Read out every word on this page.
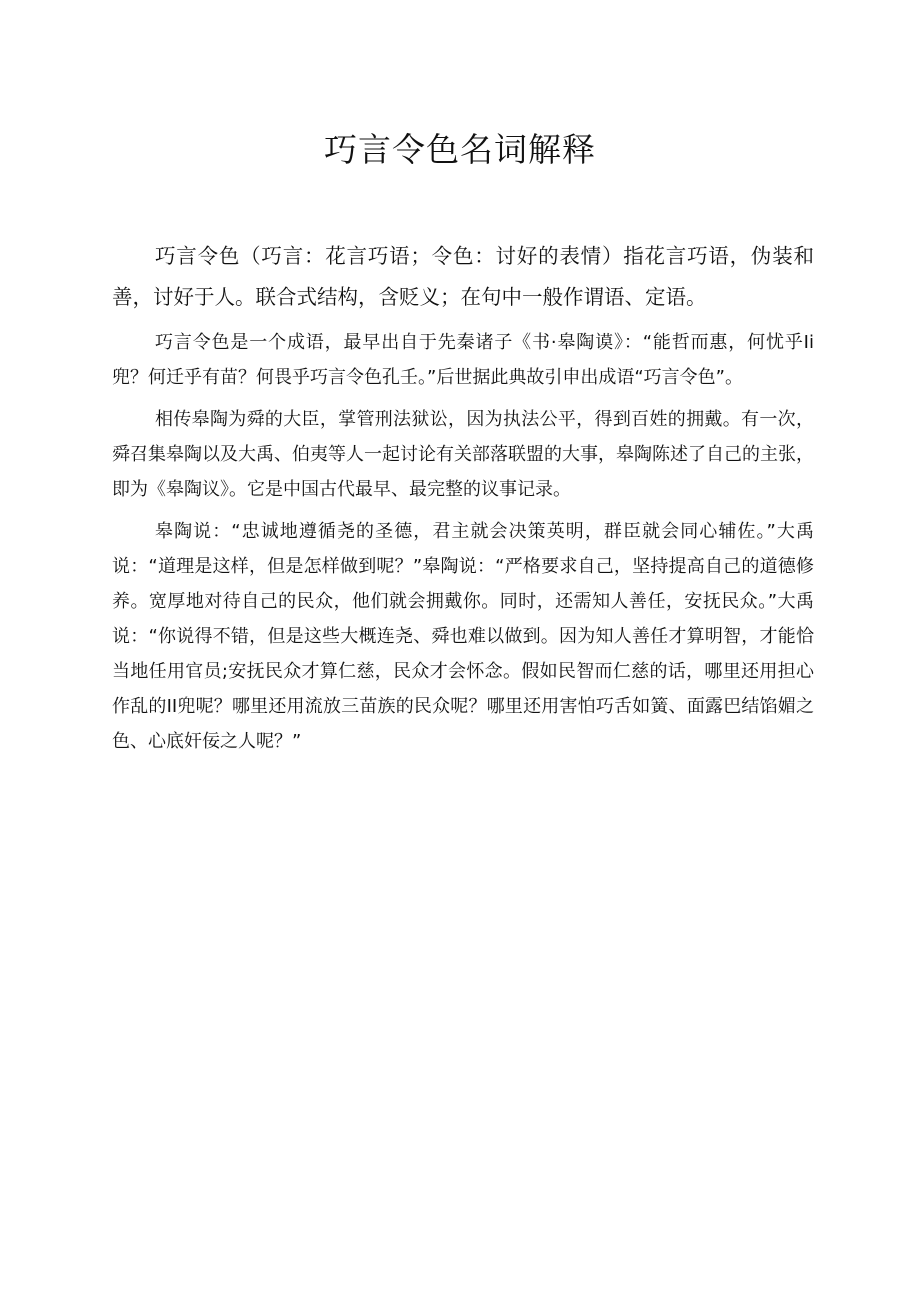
巧言令色名词解释

巧言令色（巧言：花言巧语；令色：讨好的表情）指花言巧语，伪装和善，讨好于人。联合式结构，含贬义；在句中一般作谓语、定语。

巧言令色是一个成语，最早出自于先秦诸子《书·皋陶谟》：“能哲而惠，何忧乎Ii兜？何迁乎有苗？何畏乎巧言令色孔壬。”后世据此典故引申出成语“巧言令色”。

相传皋陶为舜的大臣，掌管刑法狱讼，因为执法公平，得到百姓的拥戴。有一次，舜召集皋陶以及大禹、伯夷等人一起讨论有关部落联盟的大事，皋陶陈述了自己的主张，即为《皋陶议》。它是中国古代最早、最完整的议事记录。

皋陶说：“忠诚地遵循尧的圣德，君主就会决策英明，群臣就会同心辅佐。”大禹说：“道理是这样，但是怎样做到呢？”皋陶说：“严格要求自己，坚持提高自己的道德修养。宽厚地对待自己的民众，他们就会拥戴你。同时，还需知人善任，安抚民众。”大禹说：“你说得不错，但是这些大概连尧、舜也难以做到。因为知人善任才算明智，才能恰当地任用官员;安抚民众才算仁慈，民众才会怀念。假如民智而仁慈的话，哪里还用担心作乱的II兜呢？哪里还用流放三苗族的民众呢？哪里还用害怕巧舌如簧、面露巴结馅媚之色、心底奸佞之人呢？”
